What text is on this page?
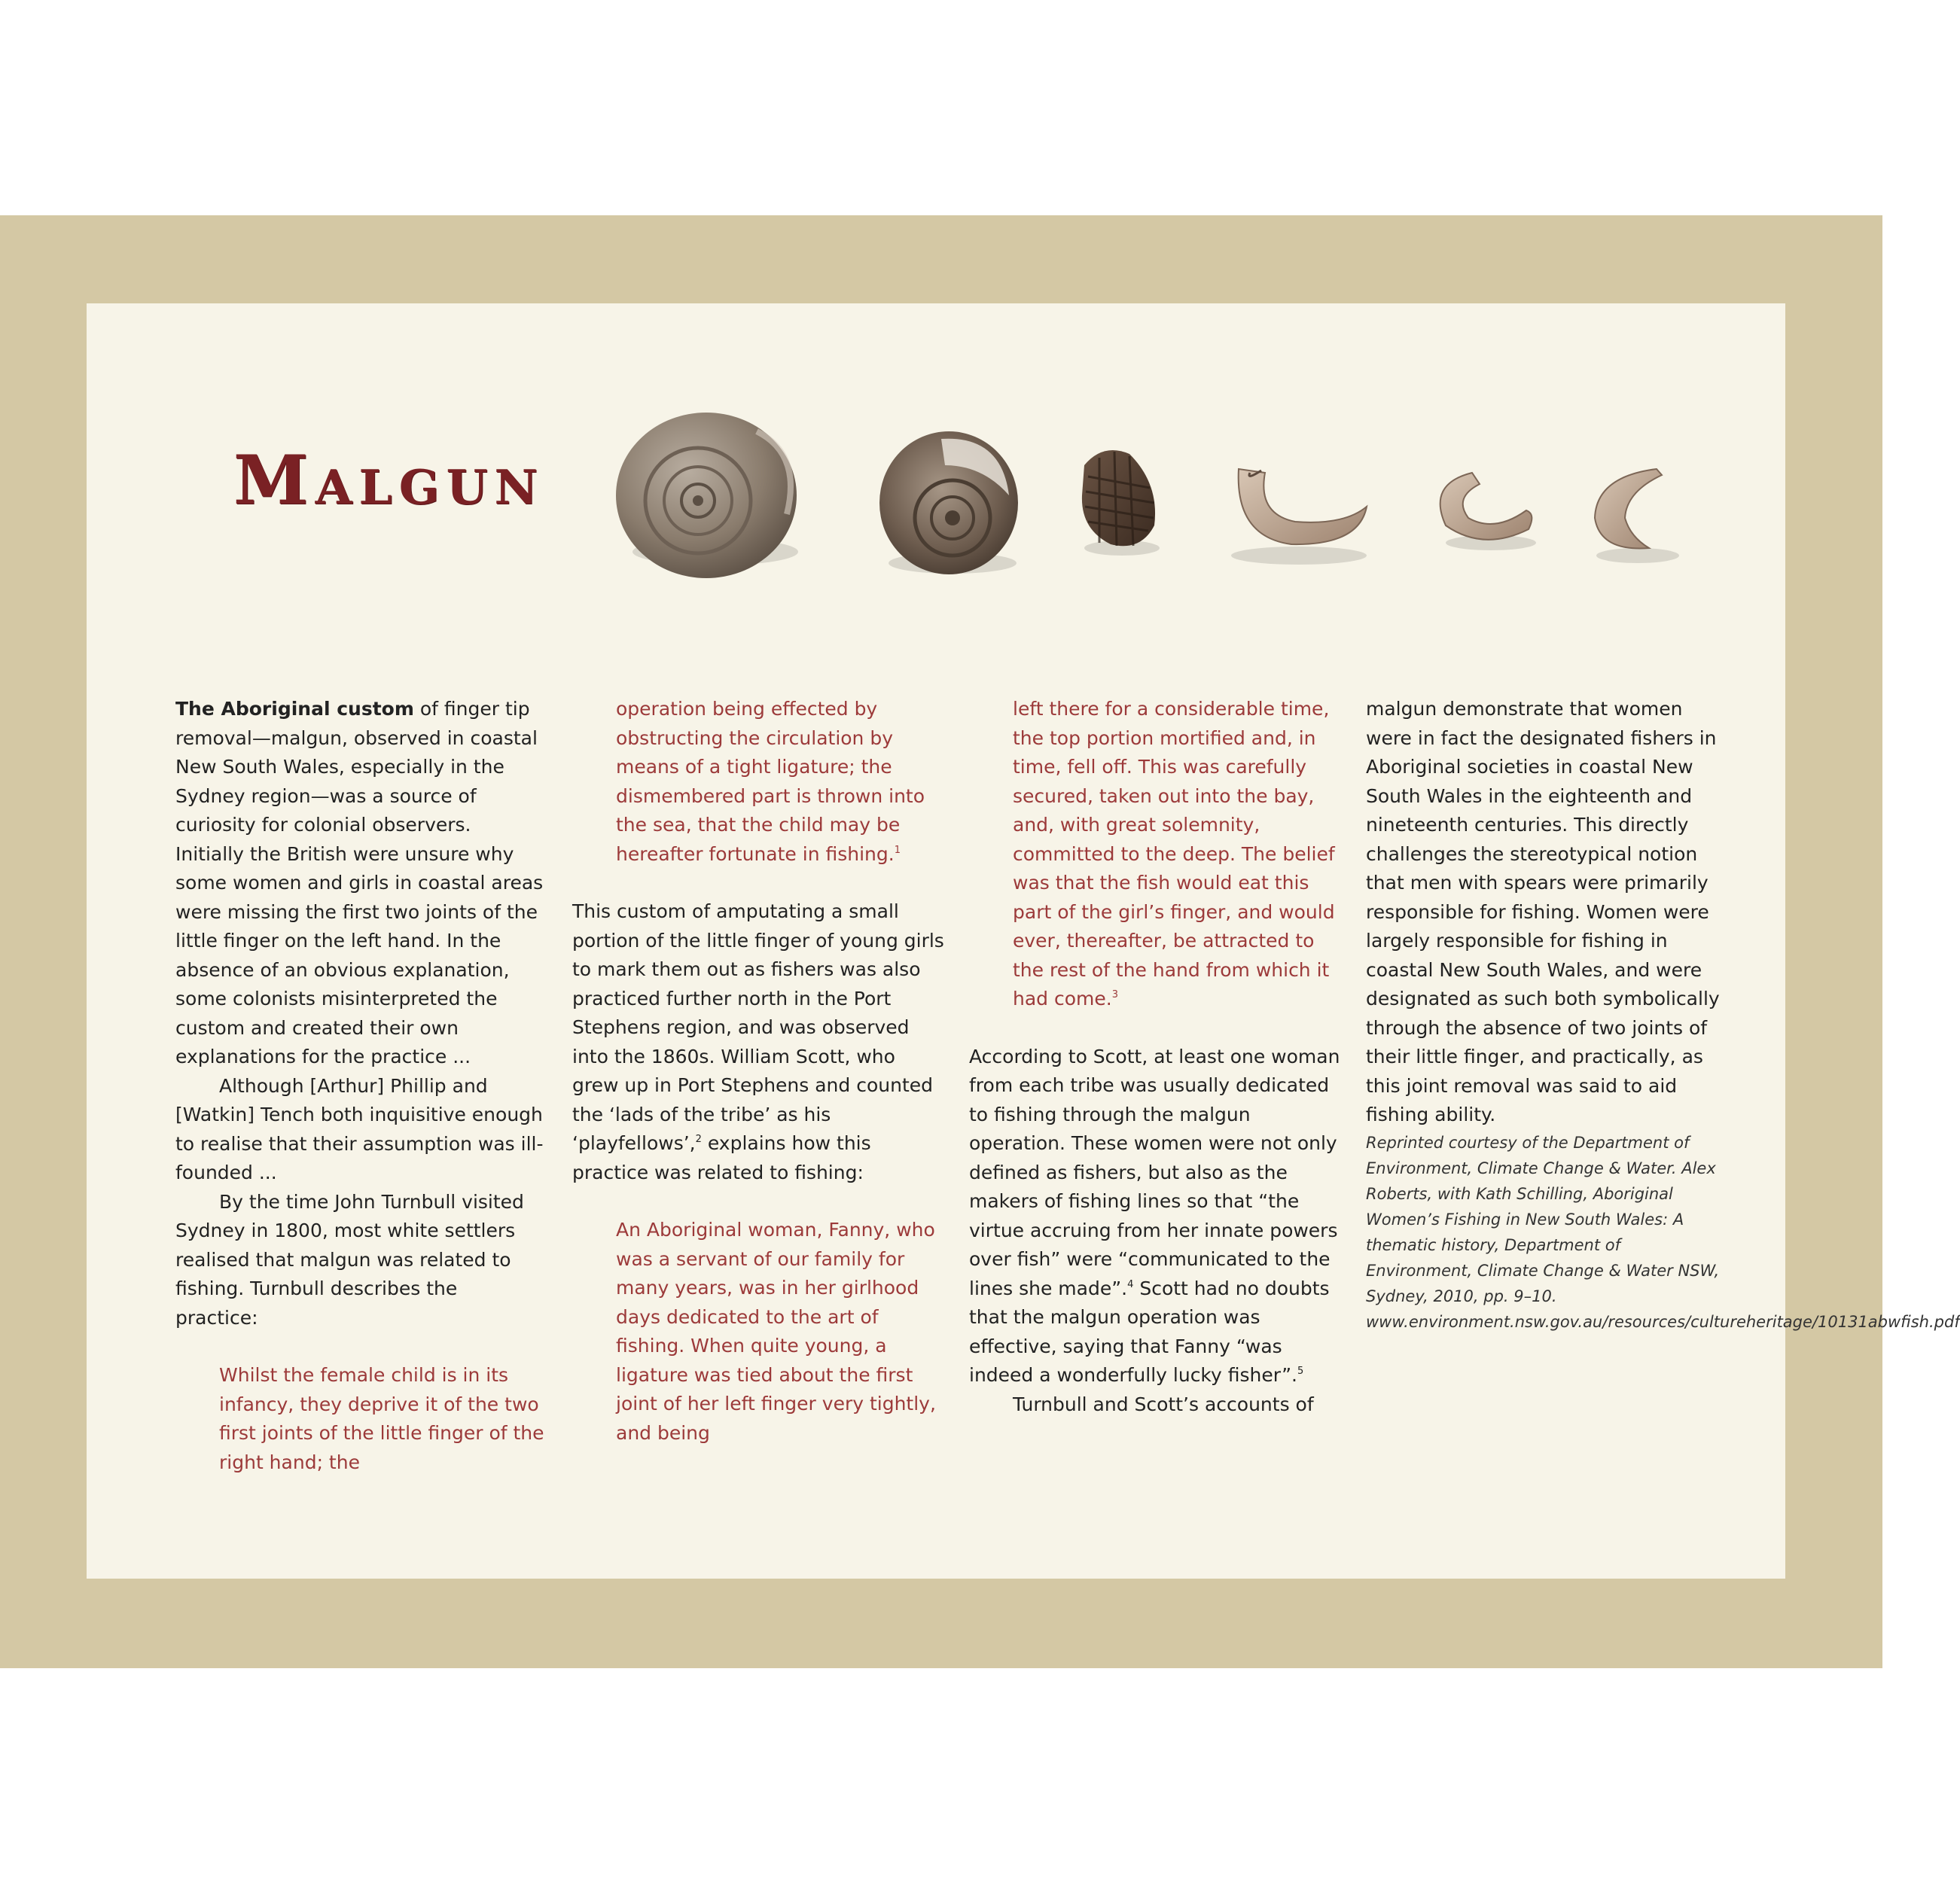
Malgun

The Aboriginal custom of finger tip removal—malgun, observed in coastal New South Wales, especially in the Sydney region—was a source of curiosity for colonial observers. Initially the British were unsure why some women and girls in coastal areas were missing the first two joints of the little finger on the left hand. In the absence of an obvious explanation, some colonists misinterpreted the custom and created their own explanations for the practice ...

Although [Arthur] Phillip and [Watkin] Tench both inquisitive enough to realise that their assumption was ill-founded ...

By the time John Turnbull visited Sydney in 1800, most white settlers realised that malgun was related to fishing. Turnbull describes the practice:

Whilst the female child is in its infancy, they deprive it of the two first joints of the little finger of the right hand; the

operation being effected by obstructing the circulation by means of a tight ligature; the dismembered part is thrown into the sea, that the child may be hereafter fortunate in fishing.$^1$

This custom of amputating a small portion of the little finger of young girls to mark them out as fishers was also practiced further north in the Port Stephens region, and was observed into the 1860s. William Scott, who grew up in Port Stephens and counted the ‘lads of the tribe’ as his ‘playfellows’,$^2$ explains how this practice was related to fishing:

An Aboriginal woman, Fanny, who was a servant of our family for many years, was in her girlhood days dedicated to the art of fishing. When quite young, a ligature was tied about the first joint of her left finger very tightly, and being

left there for a considerable time, the top portion mortified and, in time, fell off. This was carefully secured, taken out into the bay, and, with great solemnity, committed to the deep. The belief was that the fish would eat this part of the girl’s finger, and would ever, thereafter, be attracted to the rest of the hand from which it had come.$^3$

According to Scott, at least one woman from each tribe was usually dedicated to fishing through the malgun operation. These women were not only defined as fishers, but also as the makers of fishing lines so that “the virtue accruing from her innate powers over fish” were “communicated to the lines she made”.$^4$ Scott had no doubts that the malgun operation was effective, saying that Fanny “was indeed a wonderfully lucky fisher”.$^5$

Turnbull and Scott’s accounts of

malgun demonstrate that women were in fact the designated fishers in Aboriginal societies in coastal New South Wales in the eighteenth and nineteenth centuries. This directly challenges the stereotypical notion that men with spears were primarily responsible for fishing. Women were largely responsible for fishing in coastal New South Wales, and were designated as such both symbolically through the absence of two joints of their little finger, and practically, as this joint removal was said to aid fishing ability.

Reprinted courtesy of the Department of Environment, Climate Change & Water. Alex Roberts, with Kath Schilling, Aboriginal Women’s Fishing in New South Wales: A thematic history, Department of Environment, Climate Change & Water NSW, Sydney, 2010, pp. 9–10. www.environment.nsw.gov.au/resources/cultureheritage/10131abwfish.pdf
